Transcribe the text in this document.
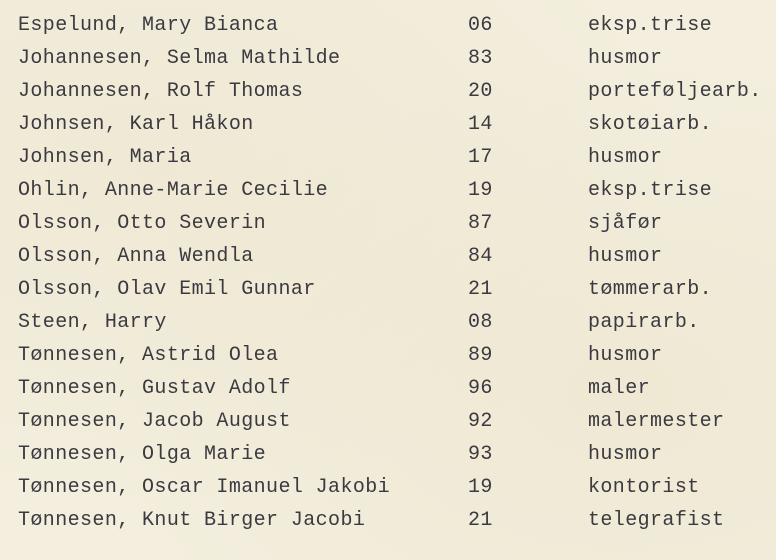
Espelund, Mary Bianca	06	eksp.trise
Johannesen, Selma Mathilde	83	husmor
Johannesen, Rolf Thomas	20	porteføljearb.
Johnsen, Karl Håkon	14	skotøiarb.
Johnsen, Maria	17	husmor
Ohlin, Anne-Marie Cecilie	19	eksp.trise
Olsson, Otto Severin	87	sjåfør
Olsson, Anna Wendla	84	husmor
Olsson, Olav Emil Gunnar	21	tømmerarb.
Steen, Harry	08	papirarb.
Tønnesen, Astrid Olea	89	husmor
Tønnesen, Gustav Adolf	96	maler
Tønnesen, Jacob August	92	malermester
Tønnesen, Olga Marie	93	husmor
Tønnesen, Oscar Imanuel Jakobi	19	kontorist
Tønnesen, Knut Birger Jacobi	21	telegrafist
